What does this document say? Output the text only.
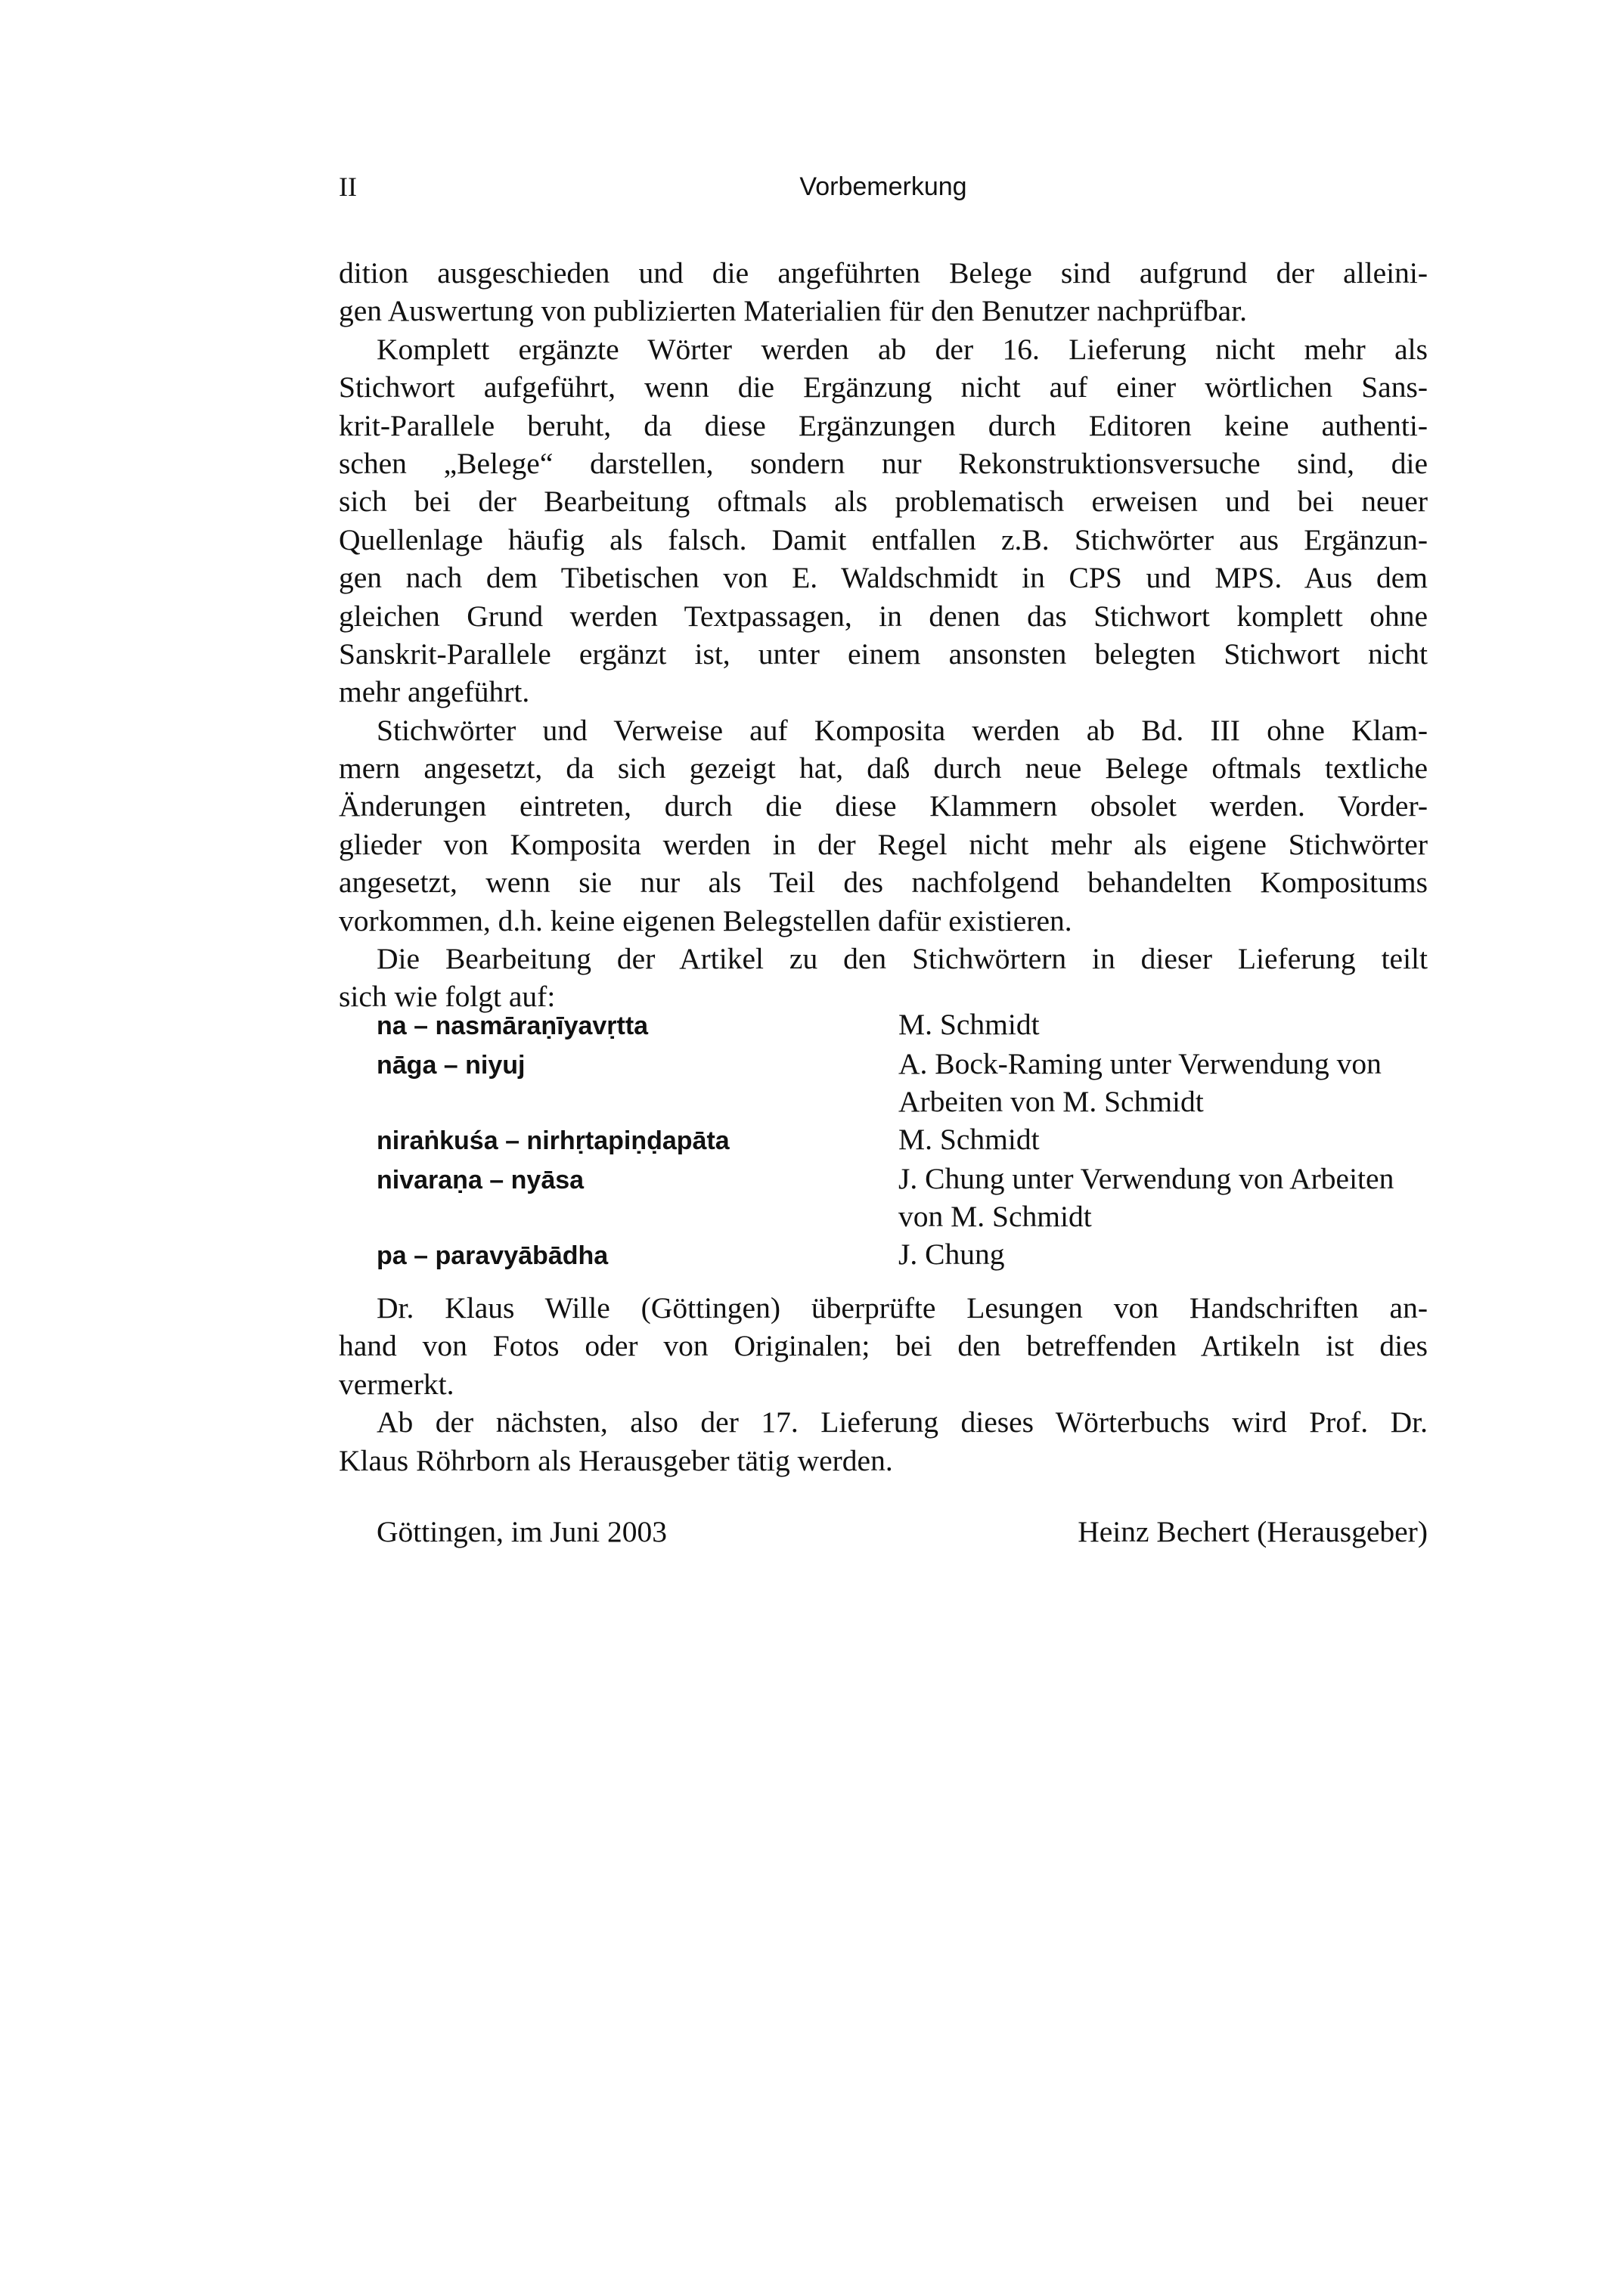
II	Vorbemerkung
dition ausgeschieden und die angeführten Belege sind aufgrund der alleini-
gen Auswertung von publizierten Materialien für den Benutzer nachprüfbar.
Komplett ergänzte Wörter werden ab der 16. Lieferung nicht mehr als
Stichwort aufgeführt, wenn die Ergänzung nicht auf einer wörtlichen Sans-
krit-Parallele beruht, da diese Ergänzungen durch Editoren keine authenti-
schen „Belege“ darstellen, sondern nur Rekonstruktionsversuche sind, die
sich bei der Bearbeitung oftmals als problematisch erweisen und bei neuer
Quellenlage häufig als falsch. Damit entfallen z.B. Stichwörter aus Ergänzun-
gen nach dem Tibetischen von E. Waldschmidt in CPS und MPS. Aus dem
gleichen Grund werden Textpassagen, in denen das Stichwort komplett ohne
Sanskrit-Parallele ergänzt ist, unter einem ansonsten belegten Stichwort nicht
mehr angeführt.
Stichwörter und Verweise auf Komposita werden ab Bd. III ohne Klam-
mern angesetzt, da sich gezeigt hat, daß durch neue Belege oftmals textliche
Änderungen eintreten, durch die diese Klammern obsolet werden. Vorder-
glieder von Komposita werden in der Regel nicht mehr als eigene Stichwörter
angesetzt, wenn sie nur als Teil des nachfolgend behandelten Kompositums
vorkommen, d.h. keine eigenen Belegstellen dafür existieren.
Die Bearbeitung der Artikel zu den Stichwörtern in dieser Lieferung teilt
sich wie folgt auf:
na – nasmāraṇīyavṛtta	M. Schmidt
nāga – niyuj	A. Bock-Raming unter Verwendung von Arbeiten von M. Schmidt
niraṅkuśa – nirhṛtapiṇḍapāta	M. Schmidt
nivaraṇa – nyāsa	J. Chung unter Verwendung von Arbeiten von M. Schmidt
pa – paravyābādha	J. Chung
Dr. Klaus Wille (Göttingen) überprüfte Lesungen von Handschriften an-
hand von Fotos oder von Originalen; bei den betreffenden Artikeln ist dies
vermerkt.
Ab der nächsten, also der 17. Lieferung dieses Wörterbuchs wird Prof. Dr.
Klaus Röhrborn als Herausgeber tätig werden.
Göttingen, im Juni 2003	Heinz Bechert (Herausgeber)
